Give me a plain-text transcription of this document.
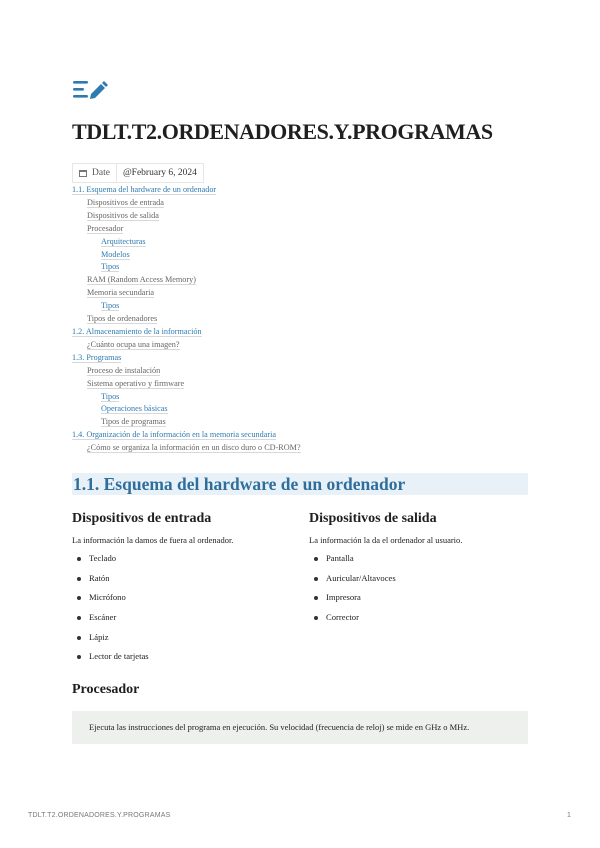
TDLT.T2.ORDENADORES.Y.PROGRAMAS
Date	@February 6, 2024
1.1. Esquema del hardware de un ordenador
Dispositivos de entrada
Dispositivos de salida
Procesador
Arquitecturas
Modelos
Tipos
RAM (Random Access Memory)
Memoria secundaria
Tipos
Tipos de ordenadores
1.2. Almacenamiento de la información
¿Cuánto ocupa una imagen?
1.3. Programas
Proceso de instalación
Sistema operativo y firmware
Tipos
Operaciones básicas
Tipos de programas
1.4. Organización de la información en la memoria secundaria
¿Cómo se organiza la información en un disco duro o CD-ROM?
1.1. Esquema del hardware de un ordenador
Dispositivos de entrada

La información la damos de fuera al ordenador.

Teclado
Ratón
Micrófono
Escáner
Lápiz
Lector de tarjetas
Dispositivos de salida

La información la da el ordenador al usuario.

Pantalla
Auricular/Altavoces
Impresora
Corrector
Procesador
Ejecuta las instrucciones del programa en ejecución. Su velocidad (frecuencia de reloj) se mide en GHz o MHz.
TDLT.T2.ORDENADORES.Y.PROGRAMAS	1
